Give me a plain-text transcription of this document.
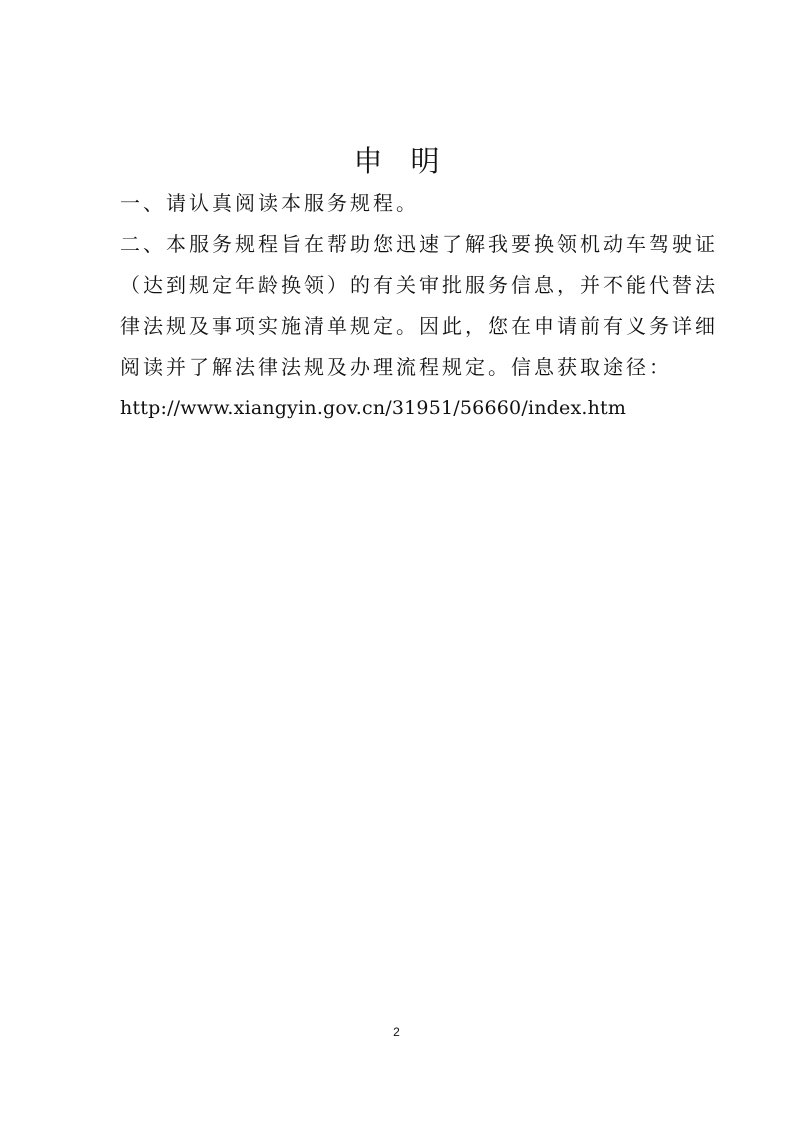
申明
一、请认真阅读本服务规程。
二、本服务规程旨在帮助您迅速了解我要换领机动车驾驶证
（达到规定年龄换领）的有关审批服务信息，并不能代替法
律法规及事项实施清单规定。因此，您在申请前有义务详细
阅读并了解法律法规及办理流程规定。信息获取途径：
http://www.xiangyin.gov.cn/31951/56660/index.htm
2
